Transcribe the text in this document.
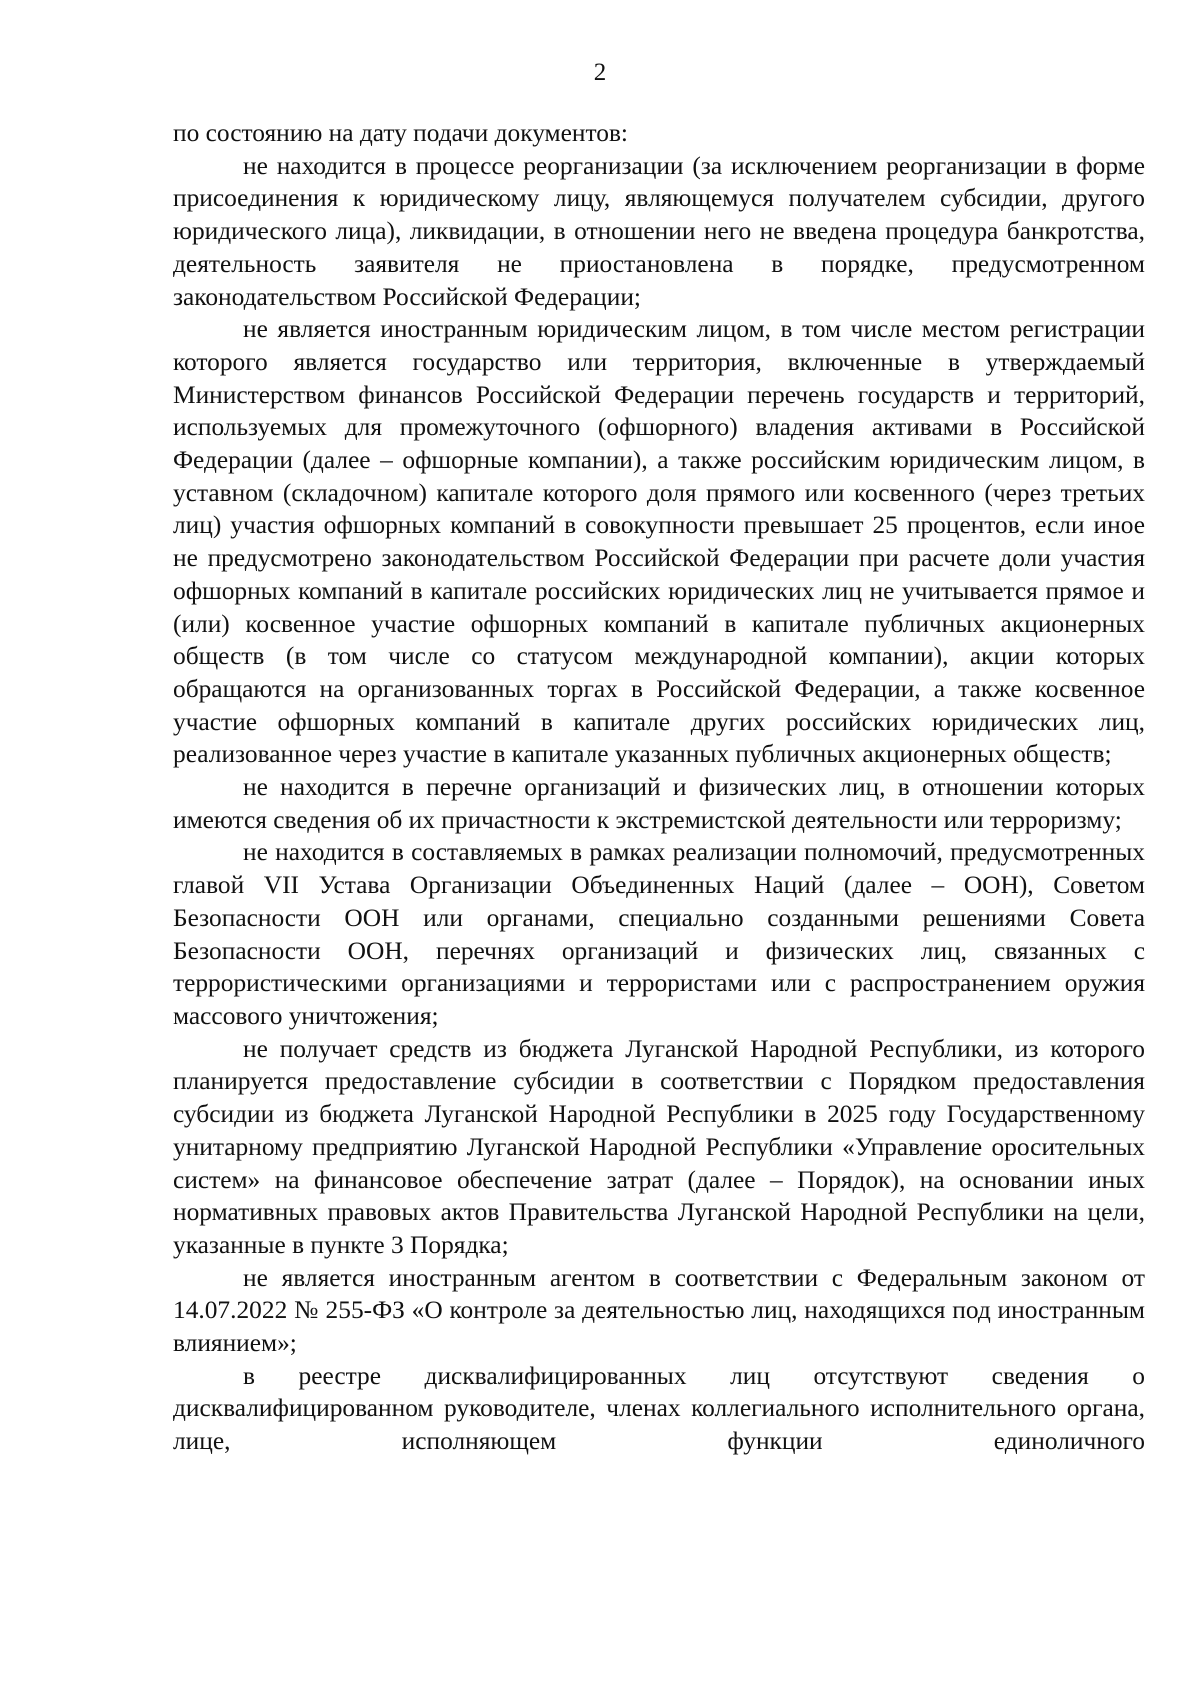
2

по состоянию на дату подачи документов:

не находится в процессе реорганизации (за исключением реорганизации в форме присоединения к юридическому лицу, являющемуся получателем субсидии, другого юридического лица), ликвидации, в отношении него не введена процедура банкротства, деятельность заявителя не приостановлена в порядке, предусмотренном законодательством Российской Федерации;

не является иностранным юридическим лицом, в том числе местом регистрации которого является государство или территория, включенные в утверждаемый Министерством финансов Российской Федерации перечень государств и территорий, используемых для промежуточного (офшорного) владения активами в Российской Федерации (далее – офшорные компании), а также российским юридическим лицом, в уставном (складочном) капитале которого доля прямого или косвенного (через третьих лиц) участия офшорных компаний в совокупности превышает 25 процентов, если иное не предусмотрено законодательством Российской Федерации при расчете доли участия офшорных компаний в капитале российских юридических лиц не учитывается прямое и (или) косвенное участие офшорных компаний в капитале публичных акционерных обществ (в том числе со статусом международной компании), акции которых обращаются на организованных торгах в Российской Федерации, а также косвенное участие офшорных компаний в капитале других российских юридических лиц, реализованное через участие в капитале указанных публичных акционерных обществ;

не находится в перечне организаций и физических лиц, в отношении которых имеются сведения об их причастности к экстремистской деятельности или терроризму;

не находится в составляемых в рамках реализации полномочий, предусмотренных главой VII Устава Организации Объединенных Наций (далее – ООН), Советом Безопасности ООН или органами, специально созданными решениями Совета Безопасности ООН, перечнях организаций и физических лиц, связанных с террористическими организациями и террористами или с распространением оружия массового уничтожения;

не получает средств из бюджета Луганской Народной Республики, из которого планируется предоставление субсидии в соответствии с Порядком предоставления субсидии из бюджета Луганской Народной Республики в 2025 году Государственному унитарному предприятию Луганской Народной Республики «Управление оросительных систем» на финансовое обеспечение затрат (далее – Порядок), на основании иных нормативных правовых актов Правительства Луганской Народной Республики на цели, указанные в пункте 3 Порядка;

не является иностранным агентом в соответствии с Федеральным законом от 14.07.2022 № 255-ФЗ «О контроле за деятельностью лиц, находящихся под иностранным влиянием»;

в реестре дисквалифицированных лиц отсутствуют сведения о дисквалифицированном руководителе, членах коллегиального исполнительного органа, лице, исполняющем функции единоличного
